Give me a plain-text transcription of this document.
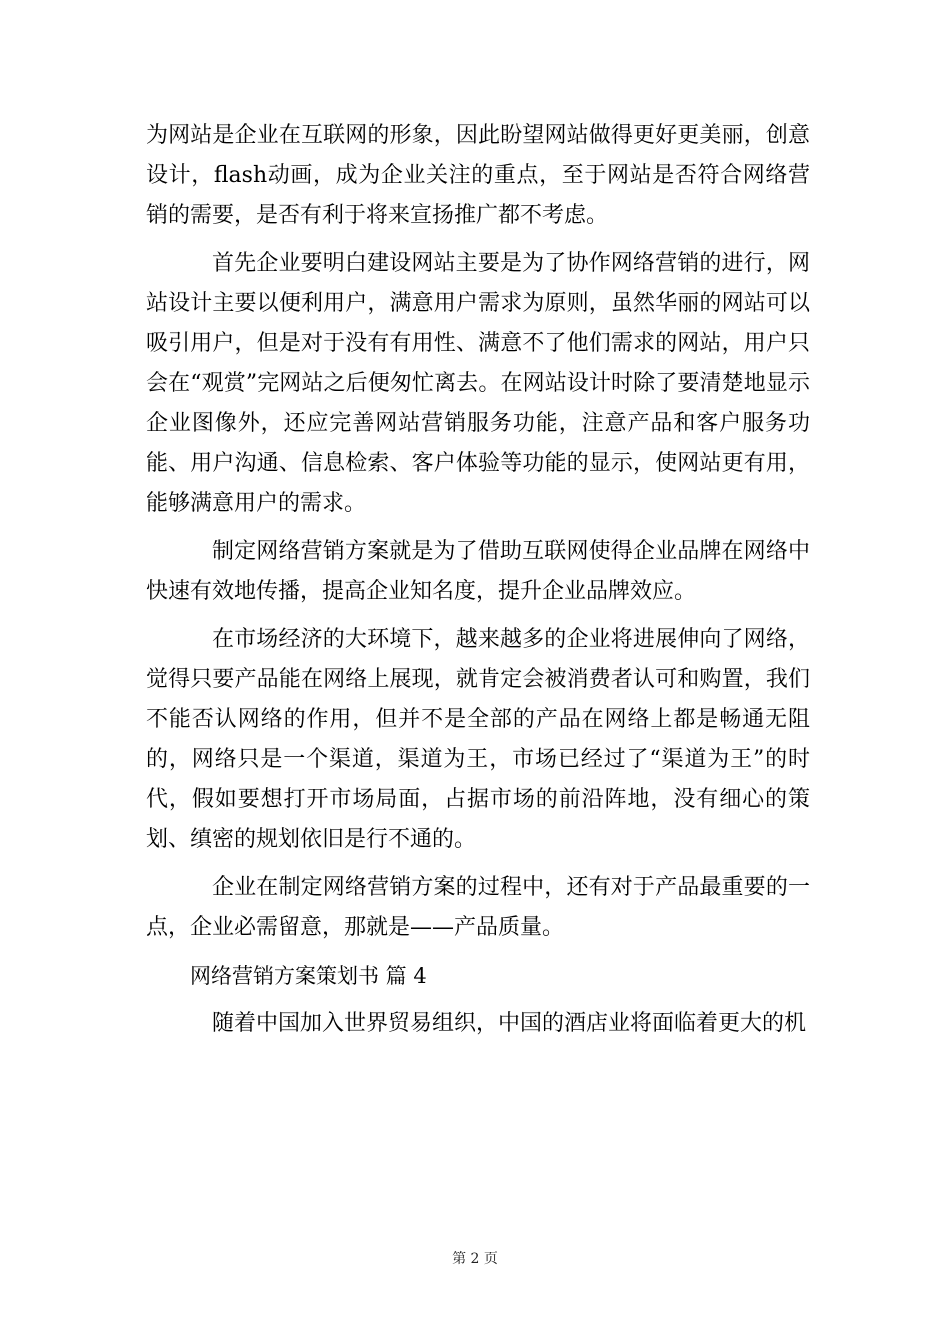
为网站是企业在互联网的形象，因此盼望网站做得更好更美丽，创意设计，flash动画，成为企业关注的重点，至于网站是否符合网络营销的需要，是否有利于将来宣扬推广都不考虑。

首先企业要明白建设网站主要是为了协作网络营销的进行，网站设计主要以便利用户，满意用户需求为原则，虽然华丽的网站可以吸引用户，但是对于没有有用性、满意不了他们需求的网站，用户只会在“观赏”完网站之后便匆忙离去。在网站设计时除了要清楚地显示企业图像外，还应完善网站营销服务功能，注意产品和客户服务功能、用户沟通、信息检索、客户体验等功能的显示，使网站更有用，能够满意用户的需求。

制定网络营销方案就是为了借助互联网使得企业品牌在网络中快速有效地传播，提高企业知名度，提升企业品牌效应。

在市场经济的大环境下，越来越多的企业将进展伸向了网络，觉得只要产品能在网络上展现，就肯定会被消费者认可和购置，我们不能否认网络的作用，但并不是全部的产品在网络上都是畅通无阻的，网络只是一个渠道，渠道为王，市场已经过了“渠道为王”的时代，假如要想打开市场局面，占据市场的前沿阵地，没有细心的策划、缜密的规划依旧是行不通的。

企业在制定网络营销方案的过程中，还有对于产品最重要的一点，企业必需留意，那就是——产品质量。

网络营销方案策划书 篇 4

随着中国加入世界贸易组织，中国的酒店业将面临着更大的机

第 2 页
